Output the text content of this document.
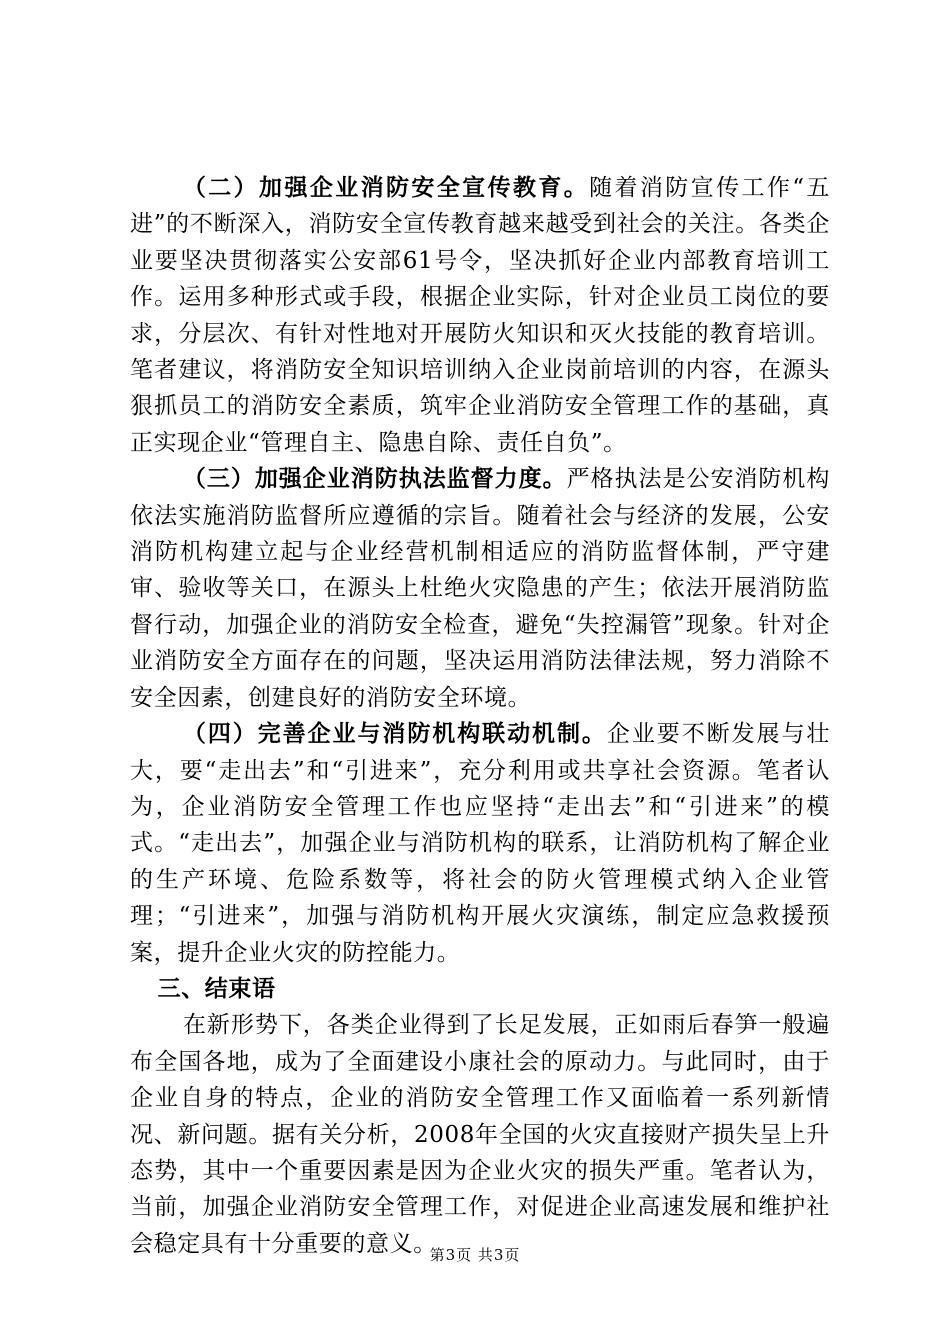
（二）加强企业消防安全宣传教育。随着消防宣传工作“五进”的不断深入，消防安全宣传教育越来越受到社会的关注。各类企业要坚决贯彻落实公安部61号令，坚决抓好企业内部教育培训工作。运用多种形式或手段，根据企业实际，针对企业员工岗位的要求，分层次、有针对性地对开展防火知识和灭火技能的教育培训。笔者建议，将消防安全知识培训纳入企业岗前培训的内容，在源头狠抓员工的消防安全素质，筑牢企业消防安全管理工作的基础，真正实现企业“管理自主、隐患自除、责任自负”。

（三）加强企业消防执法监督力度。严格执法是公安消防机构依法实施消防监督所应遵循的宗旨。随着社会与经济的发展，公安消防机构建立起与企业经营机制相适应的消防监督体制，严守建审、验收等关口，在源头上杜绝火灾隐患的产生；依法开展消防监督行动，加强企业的消防安全检查，避免“失控漏管”现象。针对企业消防安全方面存在的问题，坚决运用消防法律法规，努力消除不安全因素，创建良好的消防安全环境。

（四）完善企业与消防机构联动机制。企业要不断发展与壮大，要“走出去”和“引进来”，充分利用或共享社会资源。笔者认为，企业消防安全管理工作也应坚持“走出去”和“引进来”的模式。“走出去”，加强企业与消防机构的联系，让消防机构了解企业的生产环境、危险系数等，将社会的防火管理模式纳入企业管理；“引进来”，加强与消防机构开展火灾演练，制定应急救援预案，提升企业火灾的防控能力。

三、结束语

在新形势下，各类企业得到了长足发展，正如雨后春笋一般遍布全国各地，成为了全面建设小康社会的原动力。与此同时，由于企业自身的特点，企业的消防安全管理工作又面临着一系列新情况、新问题。据有关分析，2008年全国的火灾直接财产损失呈上升态势，其中一个重要因素是因为企业火灾的损失严重。笔者认为，当前，加强企业消防安全管理工作，对促进企业高速发展和维护社会稳定具有十分重要的意义。

第3页 共3页
